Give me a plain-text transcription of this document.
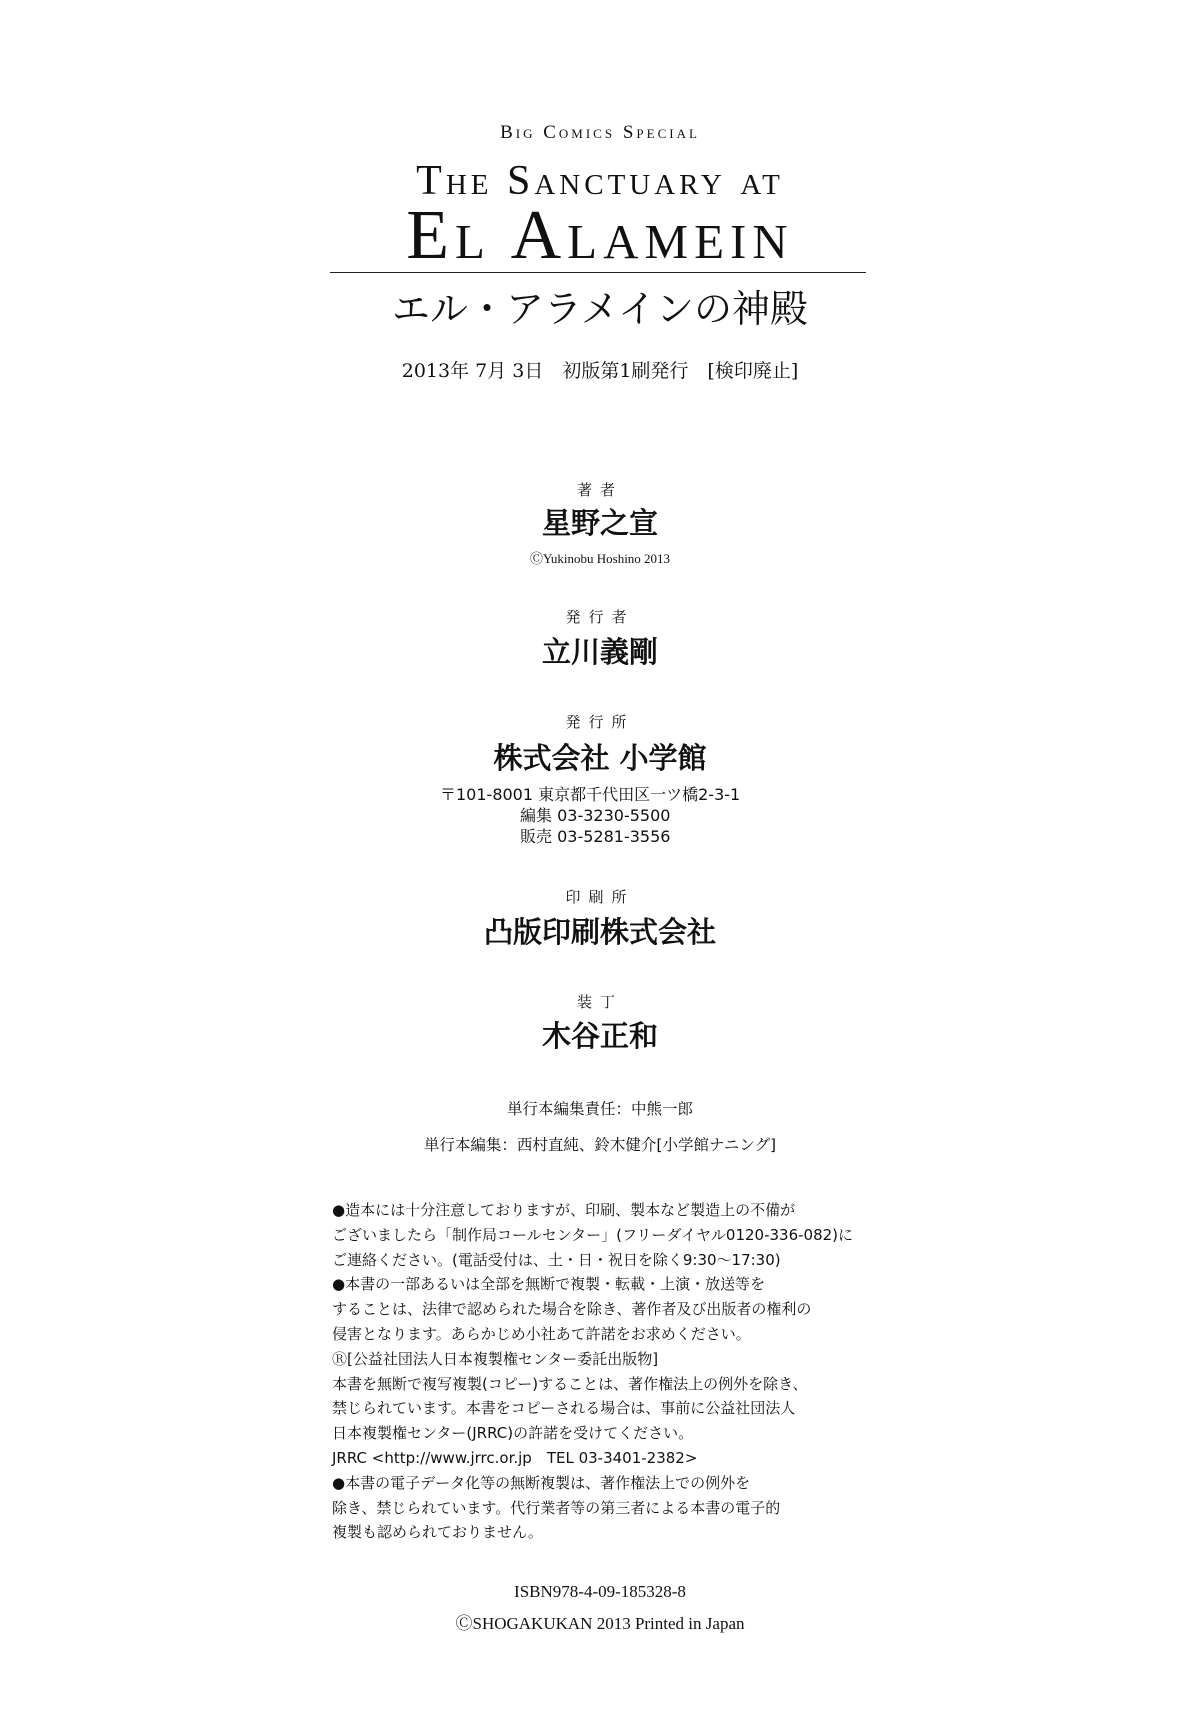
Big Comics Special
The Sanctuary at
El Alamein
エル・アラメインの神殿
2013年 7月 3日　初版第1刷発行　[検印廃止]
著者
星野之宣
ⒸYukinobu Hoshino 2013
発行者
立川義剛
発行所
株式会社 小学館
〒101-8001 東京都千代田区一ツ橋2-3-1
編集 03-3230-5500
販売 03-5281-3556
印刷所
凸版印刷株式会社
装丁
木谷正和
単行本編集責任：中熊一郎
単行本編集：西村直純、鈴木健介[小学館ナニング]
●造本には十分注意しておりますが、印刷、製本など製造上の不備が
ございましたら「制作局コールセンター」(フリーダイヤル0120-336-082)に
ご連絡ください。(電話受付は、土・日・祝日を除く9:30〜17:30)
●本書の一部あるいは全部を無断で複製・転載・上演・放送等を
することは、法律で認められた場合を除き、著作者及び出版者の権利の
侵害となります。あらかじめ小社あて許諾をお求めください。
Ⓡ[公益社団法人日本複製権センター委託出版物]
本書を無断で複写複製(コピー)することは、著作権法上の例外を除き、
禁じられています。本書をコピーされる場合は、事前に公益社団法人
日本複製権センター(JRRC)の許諾を受けてください。
JRRC <http://www.jrrc.or.jp　TEL 03-3401-2382>
●本書の電子データ化等の無断複製は、著作権法上での例外を
除き、禁じられています。代行業者等の第三者による本書の電子的
複製も認められておりません。
ISBN978-4-09-185328-8
ⒸSHOGAKUKAN 2013 Printed in Japan
